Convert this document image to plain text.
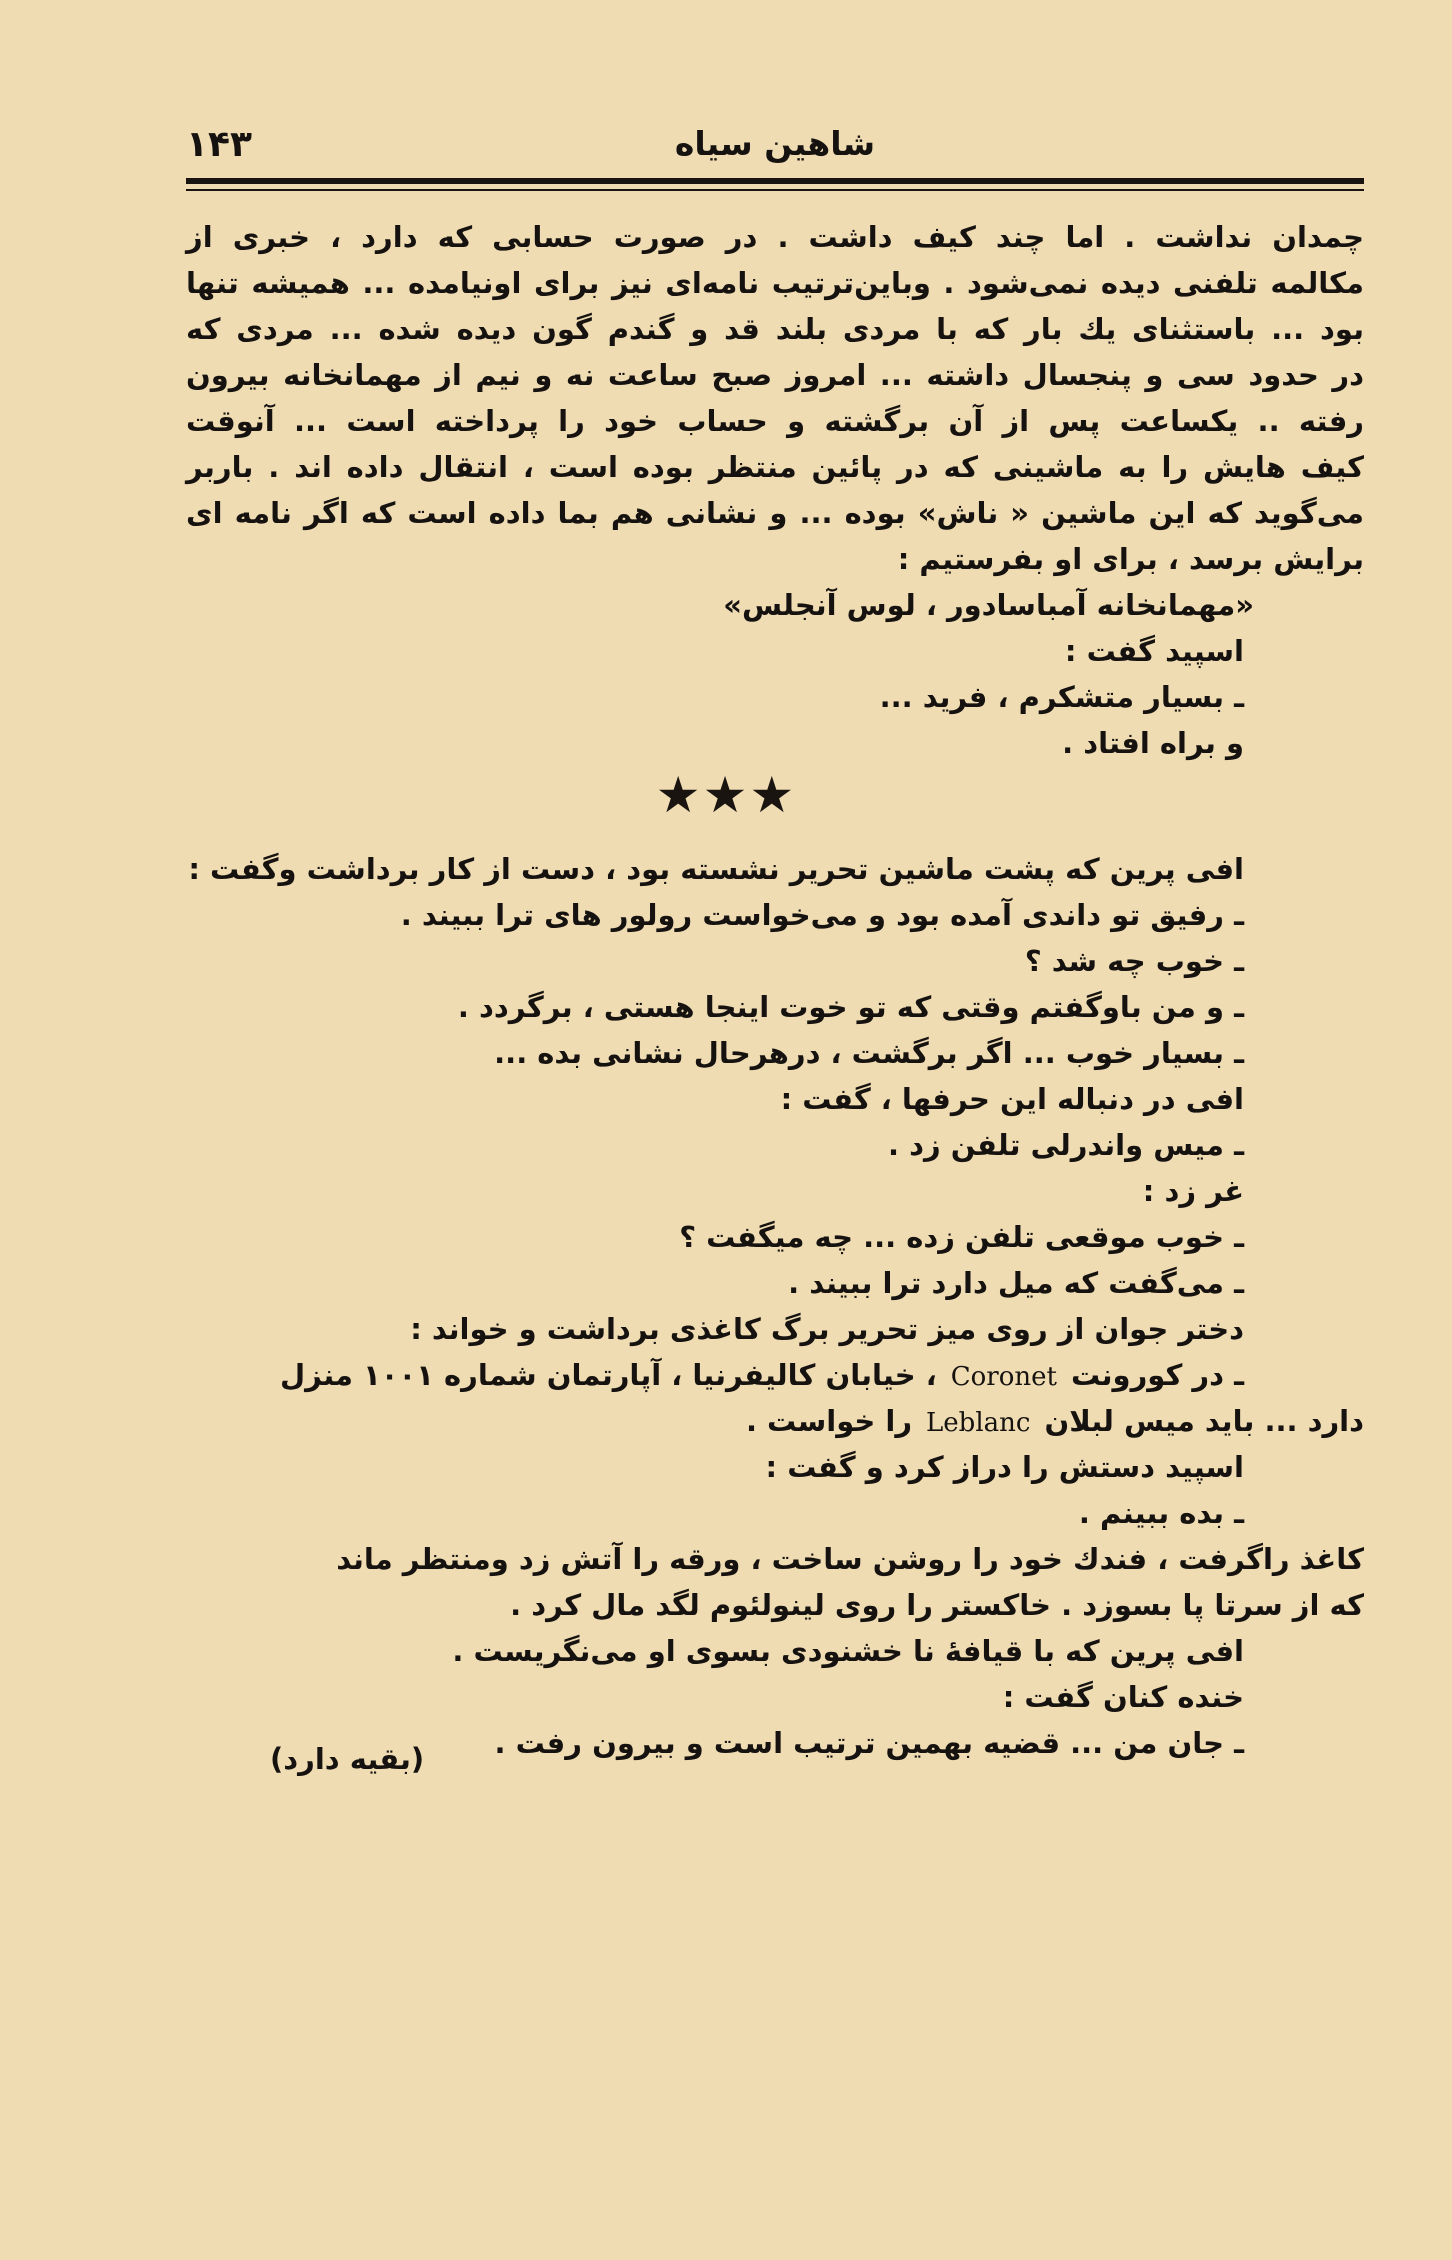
۱۴۳	شاهین سیاه
چمدان نداشت . اما چند کیف داشت . در صورت حسابی که دارد ، خبری از
مکالمه تلفنی دیده نمی‌شود . وباین‌ترتیب نامه‌ای نیز برای اونیامده ... همیشه تنها
بود ... باستثنای یك بار که با مردی بلند قد و گندم گون دیده شده ... مردی که
در حدود سی و پنجسال داشته ... امروز صبح ساعت نه و نیم از مهمانخانه بیرون
رفته .. یکساعت پس از آن برگشته و حساب خود را پرداخته است ... آنوقت
کیف هایش را به ماشینی که در پائین منتظر بوده است ، انتقال داده اند . باربر
می‌گوید که این ماشین « ناش» بوده ... و نشانی هم بما داده است که اگر نامه ای
برایش برسد ، برای او بفرستیم :
«مهمانخانه آمباسادور ، لوس آنجلس»
اسپید گفت :
ـ بسیار متشکرم ، فرید ...
و براه افتاد .
★★★
افی پرین که پشت ماشین تحریر نشسته بود ، دست از کار برداشت وگفت :
ـ رفیق تو داندی آمده بود و می‌خواست رولور های ترا ببیند .
ـ خوب چه شد ؟
ـ و من باوگفتم وقتی که تو خوت اینجا هستی ، برگردد .
ـ بسیار خوب ... اگر برگشت ، درهرحال نشانی بده ...
افی در دنباله این حرفها ، گفت :
ـ میس واندرلی تلفن زد .
غر زد :
ـ خوب موقعی تلفن زده ... چه میگفت ؟
ـ می‌گفت که میل دارد ترا ببیند .
دختر جوان از روی میز تحریر برگ کاغذی برداشت و خواند :
ـ در کورونتCoronet، خیابان کالیفرنیا ، آپارتمان شماره ۱۰۰۱ منزل
دارد ... باید میس لبلانLeblancرا خواست .
اسپید دستش را دراز کرد و گفت :
ـ بده ببینم .
کاغذ راگرفت ، فندك خود را روشن ساخت ، ورقه را آتش زد ومنتظر ماند
که از سرتا پا بسوزد . خاکستر را روی لینولئوم لگد مال کرد .
افی پرین که با قیافهٔ نا خشنودی بسوی او می‌نگریست .
خنده کنان گفت :
ـ جان من ... قضیه بهمین ترتیب است و بیرون رفت .
(بقیه دارد)
